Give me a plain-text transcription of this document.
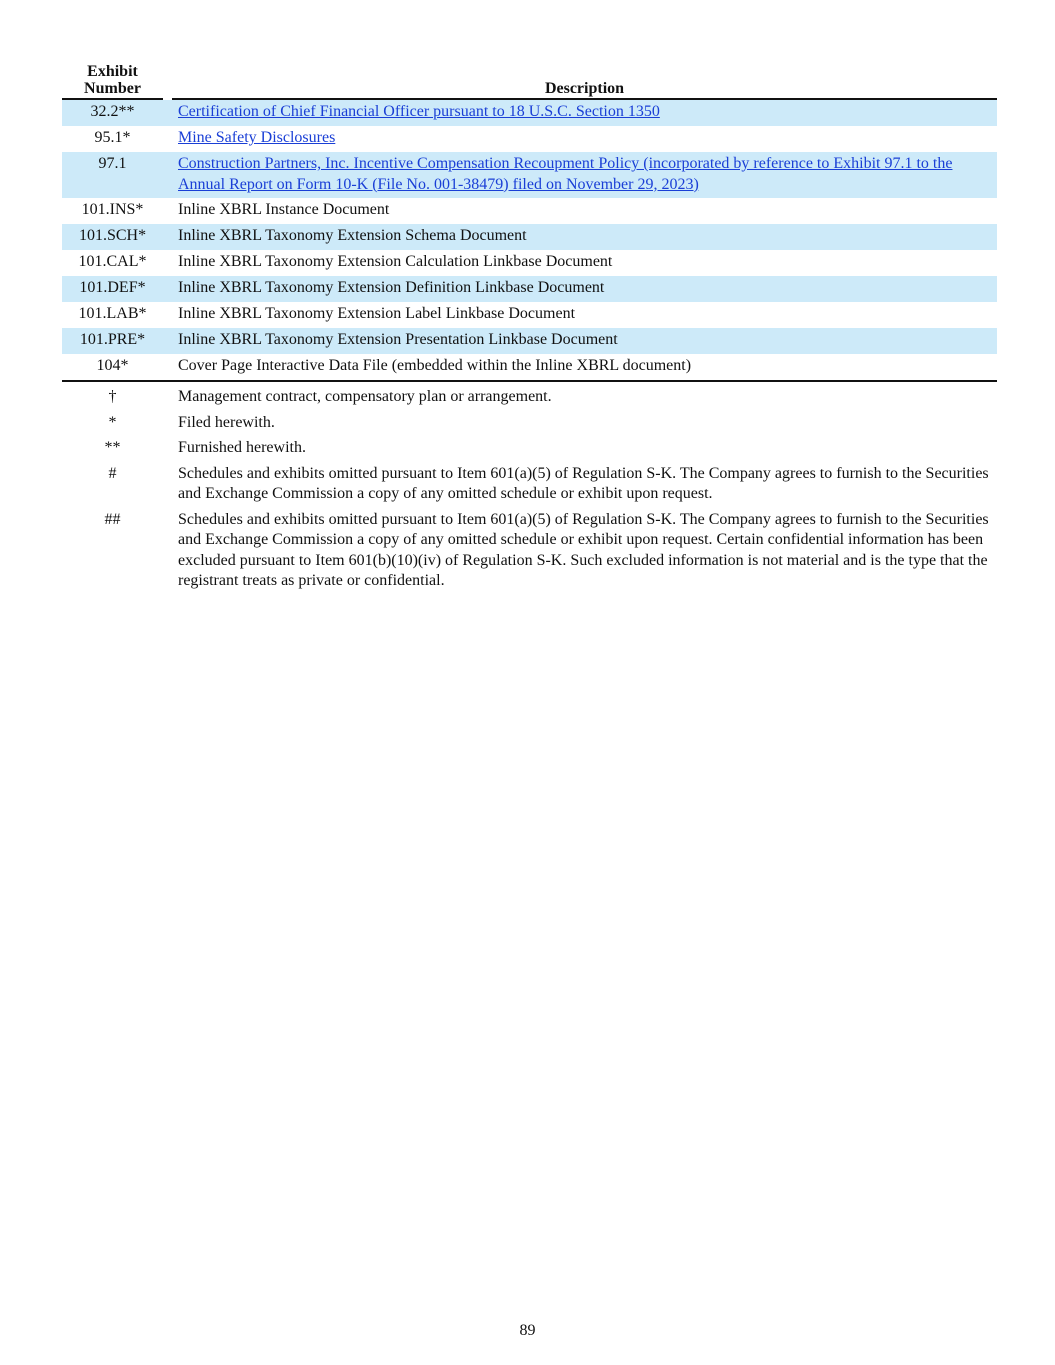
Exhibit
Number	Description
32.2**	Certification of Chief Financial Officer pursuant to 18 U.S.C. Section 1350
95.1*	Mine Safety Disclosures
97.1	Construction Partners, Inc. Incentive Compensation Recoupment Policy (incorporated by reference to Exhibit 97.1 to the Annual Report on Form 10-K (File No. 001-38479) filed on November 29, 2023)
101.INS*	Inline XBRL Instance Document
101.SCH*	Inline XBRL Taxonomy Extension Schema Document
101.CAL*	Inline XBRL Taxonomy Extension Calculation Linkbase Document
101.DEF*	Inline XBRL Taxonomy Extension Definition Linkbase Document
101.LAB*	Inline XBRL Taxonomy Extension Label Linkbase Document
101.PRE*	Inline XBRL Taxonomy Extension Presentation Linkbase Document
104*	Cover Page Interactive Data File (embedded within the Inline XBRL document)
†	Management contract, compensatory plan or arrangement.
*	Filed herewith.
**	Furnished herewith.
#	Schedules and exhibits omitted pursuant to Item 601(a)(5) of Regulation S-K. The Company agrees to furnish to the Securities and Exchange Commission a copy of any omitted schedule or exhibit upon request.
##	Schedules and exhibits omitted pursuant to Item 601(a)(5) of Regulation S-K. The Company agrees to furnish to the Securities and Exchange Commission a copy of any omitted schedule or exhibit upon request. Certain confidential information has been excluded pursuant to Item 601(b)(10)(iv) of Regulation S-K. Such excluded information is not material and is the type that the registrant treats as private or confidential.
89
